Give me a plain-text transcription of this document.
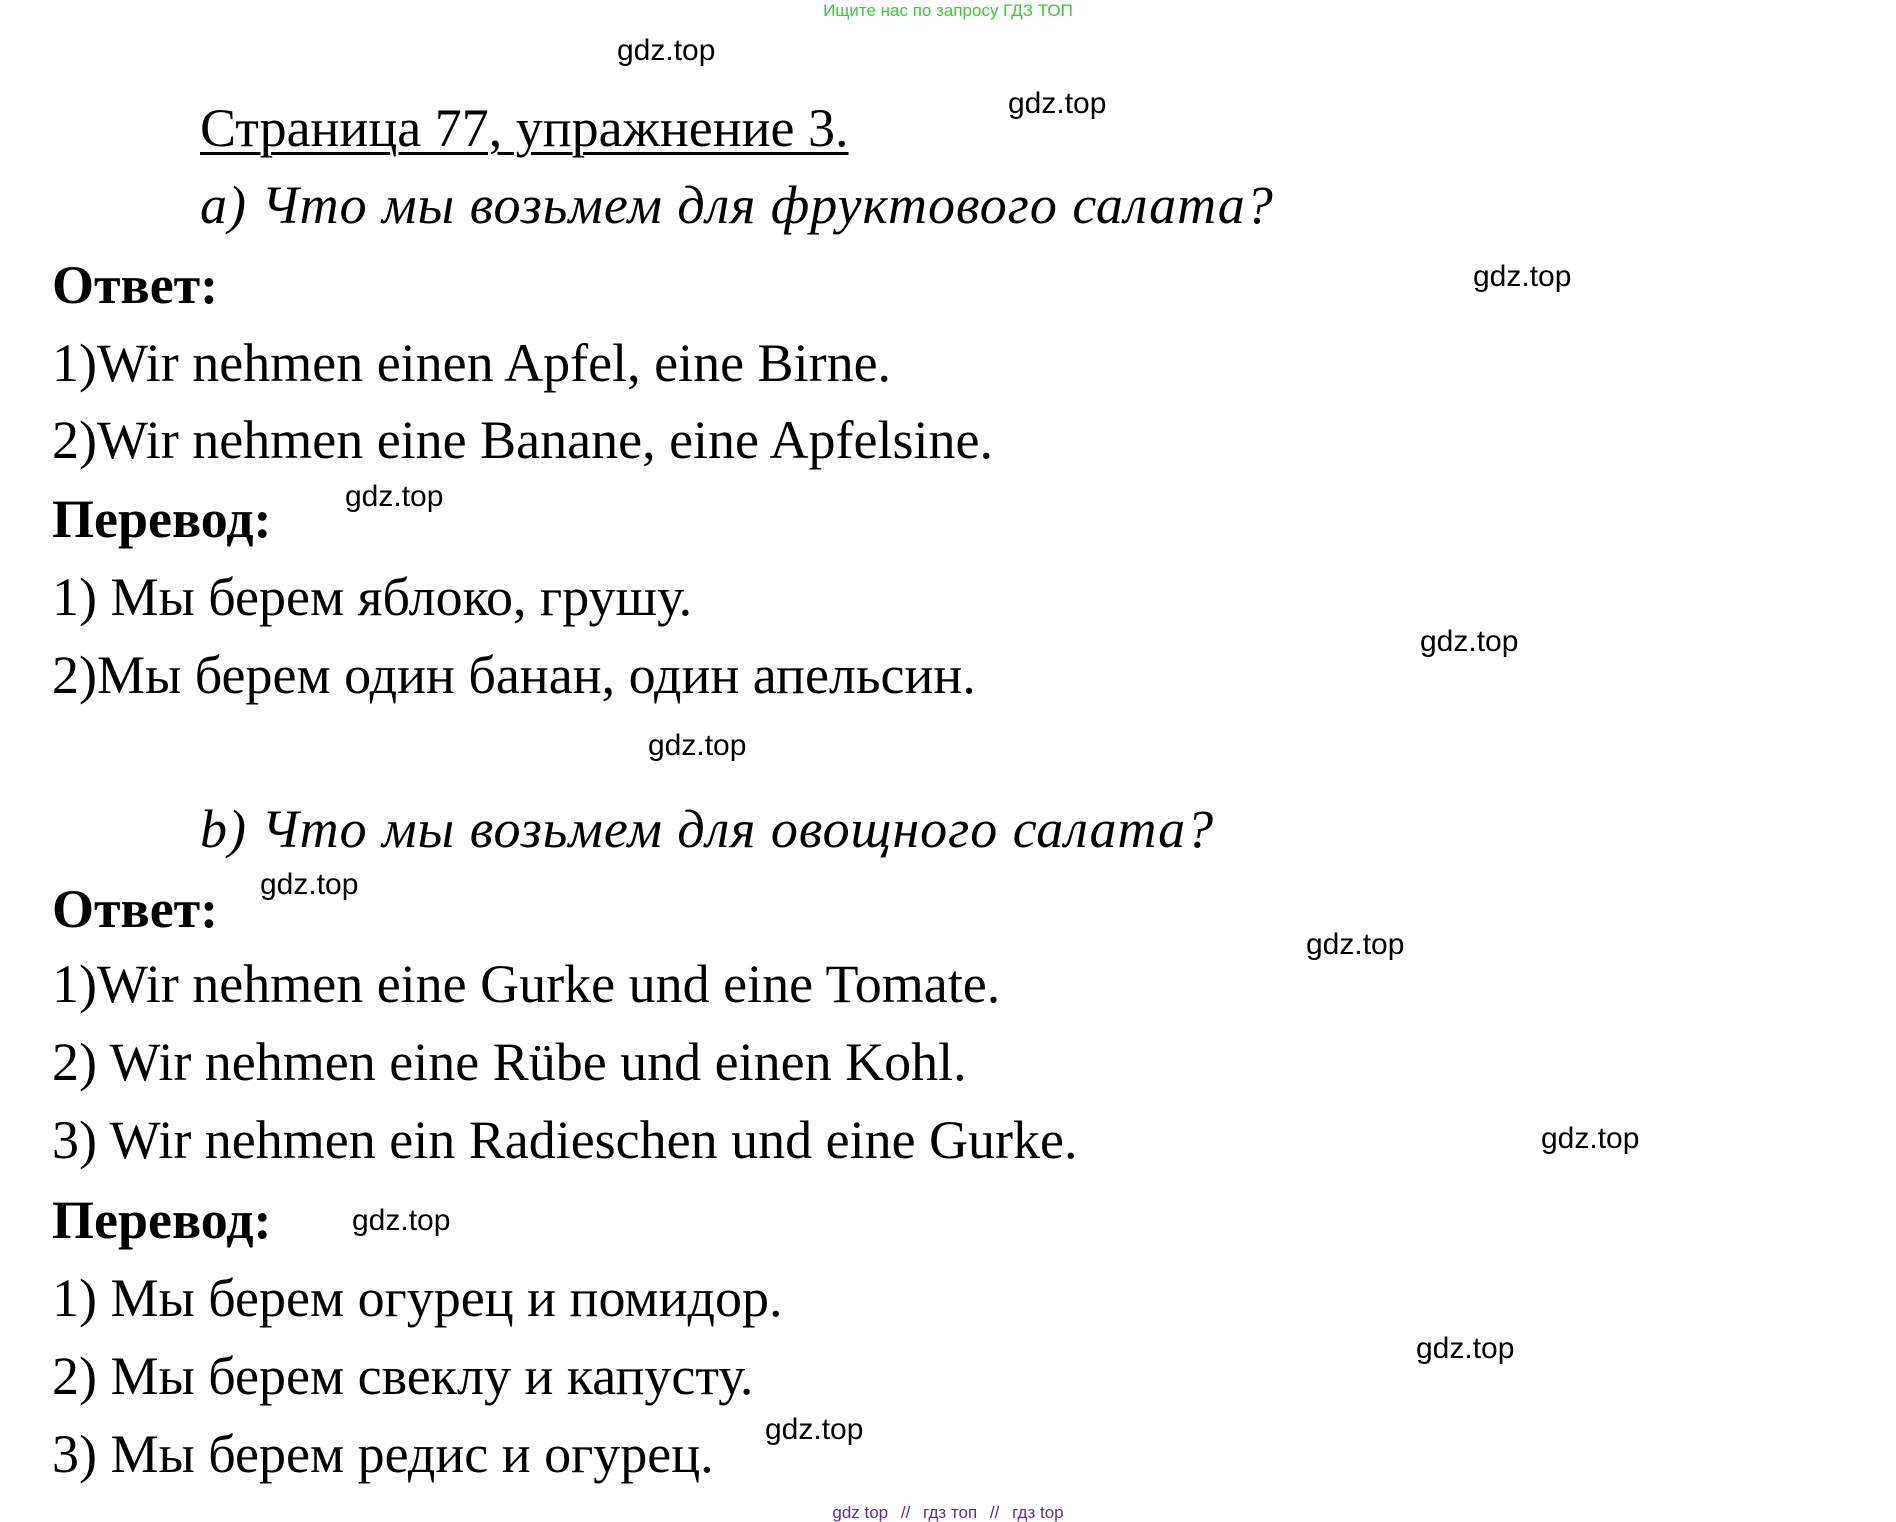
Ищите нас по запросу ГДЗ ТОП
Страница 77, упражнение 3.
а) Что мы возьмем для фруктового салата?
Ответ:
1)Wir nehmen einen Apfel, eine Birne.
2)Wir nehmen eine Banane, eine Apfelsine.
Перевод:
1) Мы берем яблоко, грушу.
2)Мы берем один банан, один апельсин.
b) Что мы возьмем для овощного салата?
Ответ:
1)Wir nehmen eine Gurke und eine Tomate.
2) Wir nehmen eine Rübe und einen Kohl.
3) Wir nehmen ein Radieschen und eine Gurke.
Перевод:
1) Мы берем огурец и помидор.
2) Мы берем свеклу и капусту.
3) Мы берем редис и огурец.
gdz.top
gdz.top
gdz.top
gdz.top
gdz.top
gdz.top
gdz.top
gdz.top
gdz.top
gdz.top
gdz.top
gdz.top
gdz top // гдз топ // гдз top
